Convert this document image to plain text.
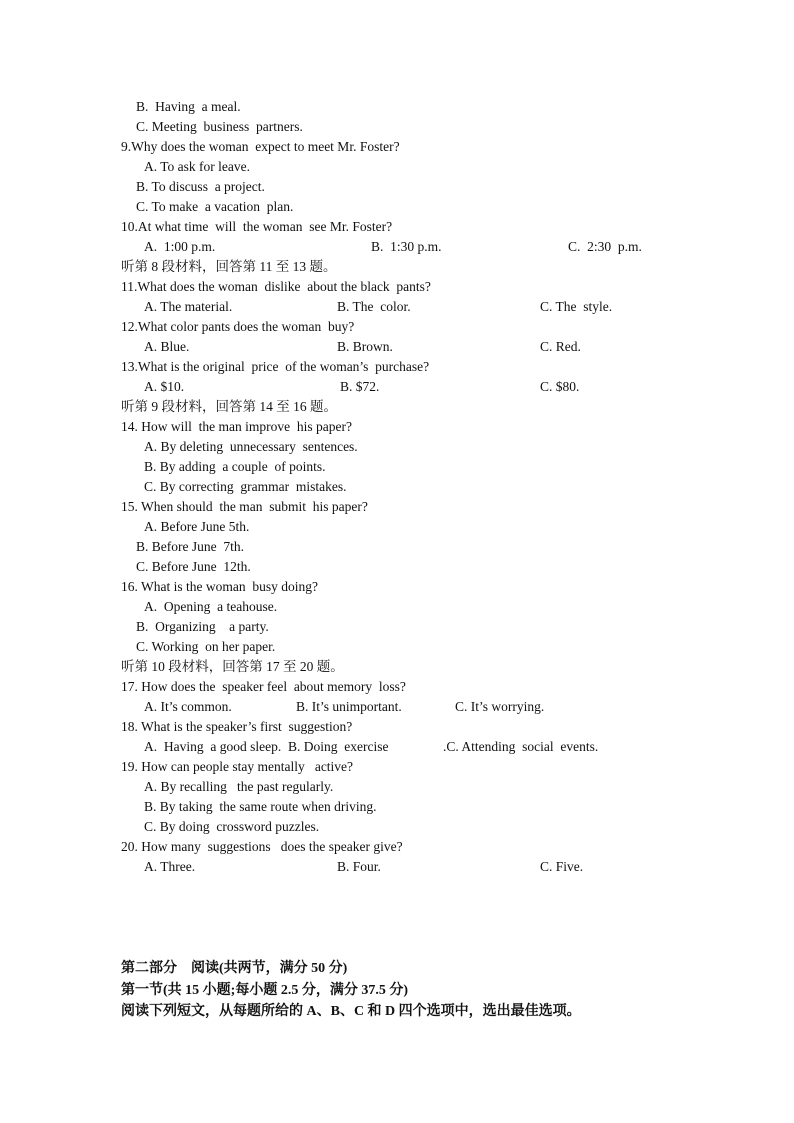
B.  Having  a meal.
C. Meeting  business  partners.
9.Why does the woman  expect to meet Mr. Foster?
A. To ask for leave.
B. To discuss  a project.
C. To make  a vacation  plan.
10.At what time  will  the woman  see Mr. Foster?
A.  1:00 p.m.	B.  1:30 p.m.	C.  2:30  p.m.
听第 8 段材料，回答第 11 至 13 题。
11.What does the woman  dislike  about the black  pants?
A. The material.	B. The  color.	C. The  style.
12.What color pants does the woman  buy?
A. Blue.	B. Brown.	C. Red.
13.What is the original  price  of the woman’s  purchase?
A. $10.	B. $72.	C. $80.
听第 9 段材料，回答第 14 至 16 题。
14. How will  the man improve  his paper?
A. By deleting  unnecessary  sentences.
B. By adding  a couple  of points.
C. By correcting  grammar  mistakes.
15. When should  the man  submit  his paper?
A. Before June 5th.
B. Before June  7th.
C. Before June  12th.
16. What is the woman  busy doing?
A.  Opening  a teahouse.
B.  Organizing    a party.
C. Working  on her paper.
听第 10 段材料，回答第 17 至 20 题。
17. How does the  speaker feel  about memory  loss?
A. It’s common.	B. It’s unimportant.	C. It’s worrying.
18. What is the speaker’s first  suggestion?
A.  Having  a good sleep.  B. Doing  exercise	.C. Attending  social  events.
19. How can people stay mentally   active?
A. By recalling   the past regularly.
B. By taking  the same route when driving.
C. By doing  crossword puzzles.
20. How many  suggestions   does the speaker give?
A. Three.	B. Four.	C. Five.
第二部分　阅读(共两节，满分 50 分)
第一节(共 15 小题;每小题 2.5 分，满分 37.5 分)
阅读下列短文，从每题所给的 A、B、C 和 D 四个选项中，选出最佳选项。
